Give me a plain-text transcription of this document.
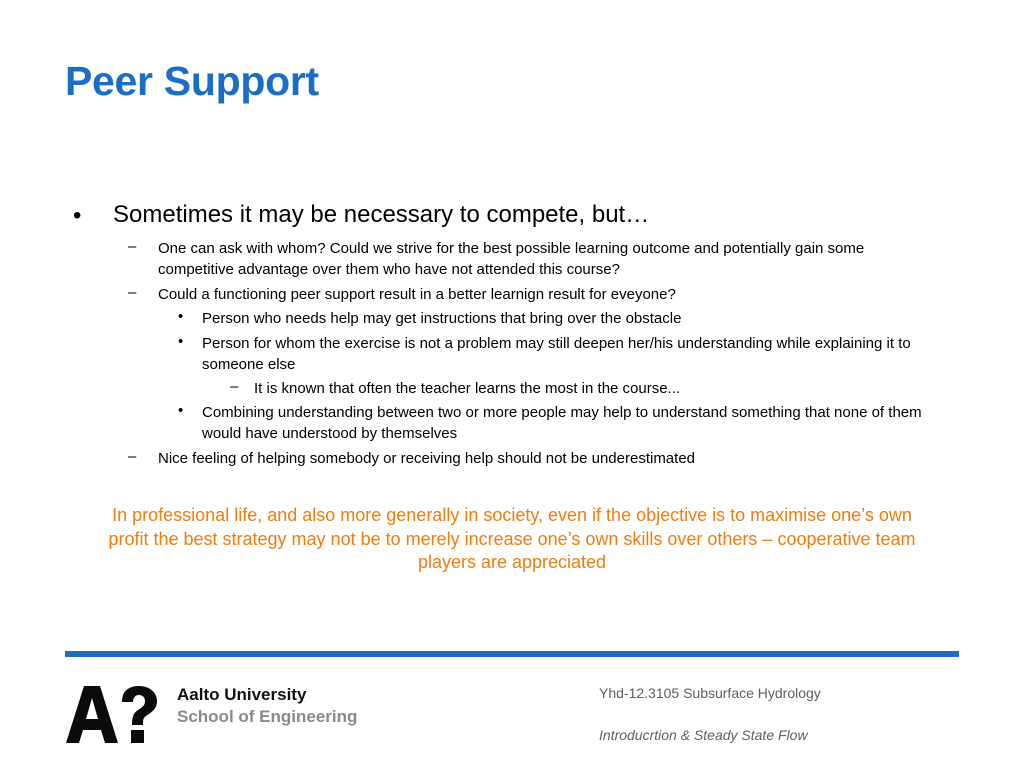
Peer Support
• Sometimes it may be necessary to compete, but…
– One can ask with whom? Could we strive for the best possible learning outcome and potentially gain some competitive advantage over them who have not attended this course?
– Could a functioning peer support result in a better learnign result for eveyone?
• Person who needs help may get instructions that bring over the obstacle
• Person for whom the exercise is not a problem may still deepen her/his understanding while explaining it to someone else
– It is known that often the teacher learns the most in the course...
• Combining understanding between two or more people may help to understand something that none of them would have understood by themselves
– Nice feeling of helping somebody or receiving help should not be underestimated
In professional life, and also more generally in society, even if the objective is to maximise one’s own profit the best strategy may not be to merely increase one’s own skills over others – cooperative team players are appreciated
Aalto University
School of Engineering
Yhd-12.3105 Subsurface Hydrology
Introducrtion & Steady State Flow
